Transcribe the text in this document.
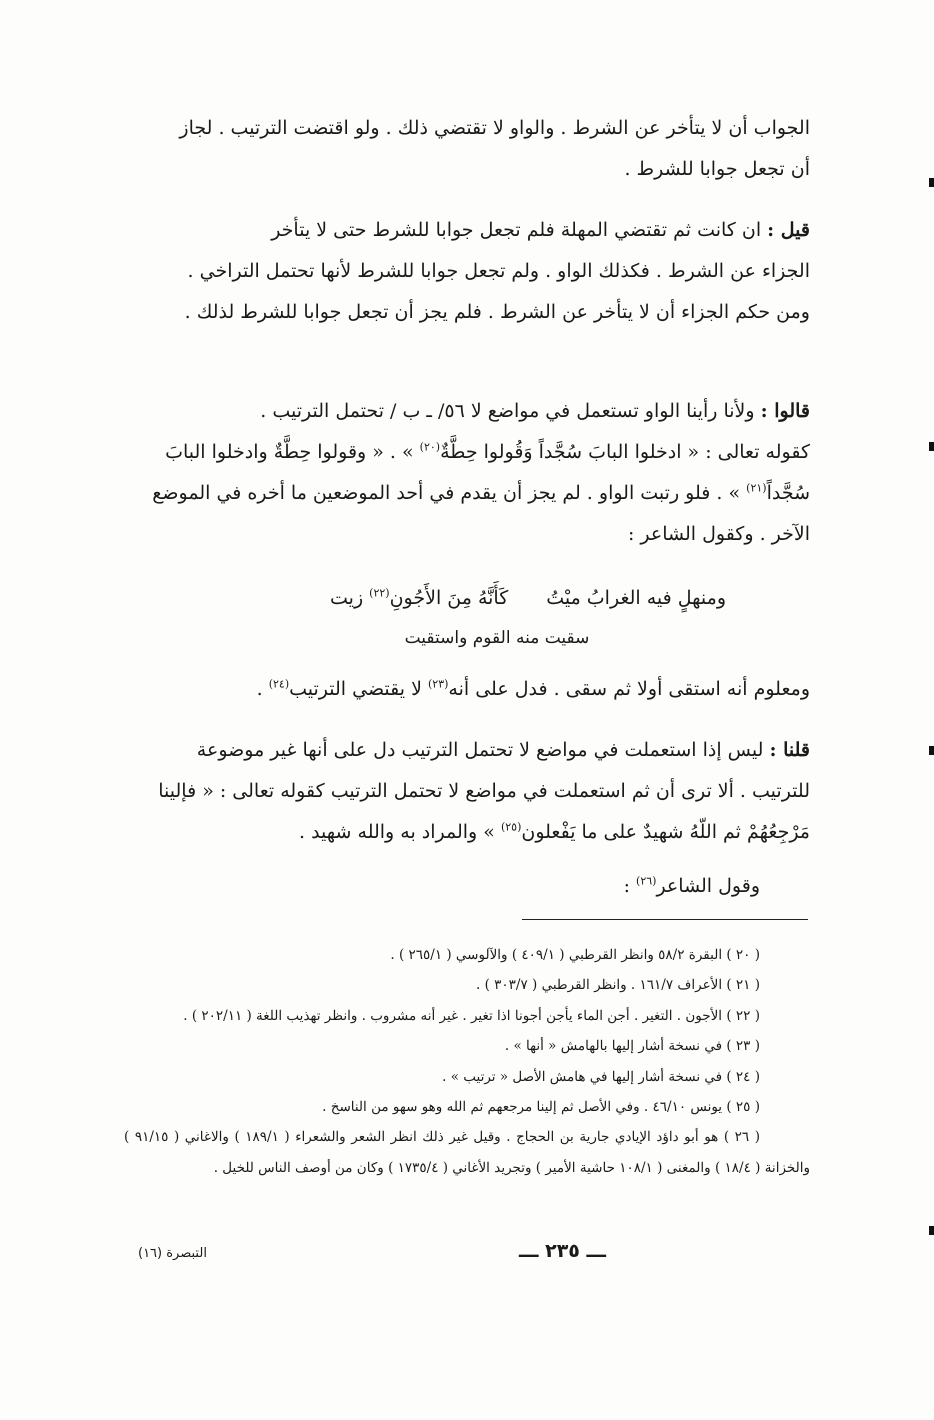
الجواب أن لا يتأخر عن الشرط . والواو لا تقتضي ذلك . ولو اقتضت الترتيب . لجاز

أن تجعل جوابا للشرط .

قيل : ان كانت ثم تقتضي المهلة فلم تجعل جوابا للشرط حتى لا يتأخر

الجزاء عن الشرط . فكذلك الواو . ولم تجعل جوابا للشرط لأنها تحتمل التراخي .

ومن حكم الجزاء أن لا يتأخر عن الشرط . فلم يجز أن تجعل جوابا للشرط لذلك .

قالوا : ولأنا رأينا الواو تستعمل في مواضع لا ٥٦/ ـ ب / تحتمل الترتيب .

كقوله تعالى : « ادخلوا البابَ سُجَّداً وَقُولوا حِطَّةٌ$^{(٢٠)}$ » . « وقولوا حِطَّةٌ وادخلوا البابَ

سُجَّداً$^{(٢١)}$ » . فلو رتبت الواو . لم يجز أن يقدم في أحد الموضعين ما أخره في الموضع

الآخر . وكقول الشاعر :

ومنهلٍ فيه الغرابُ ميْتُ
كَأَنَّهُ مِنَ الأَجُونِ$^{(٢٢)}$ زيت
سقيت منه القوم واستقيت

ومعلوم أنه استقى أولا ثم سقى . فدل على أنه$^{(٢٣)}$ لا يقتضي الترتيب$^{(٢٤)}$ .

قلنا : ليس إذا استعملت في مواضع لا تحتمل الترتيب دل على أنها غير موضوعة

للترتيب . ألا ترى أن ثم استعملت في مواضع لا تحتمل الترتيب كقوله تعالى : « فإلينا

مَرْجِعُهُمْ ثم اللّهُ شهيدٌ على ما يَفْعلون$^{(٢٥)}$ » والمراد به والله شهيد .

وقول الشاعر$^{(٢٦)}$ :

( ٢٠ ) البقرة ٥٨/٢ وانظر القرطبي ( ٤٠٩/١ ) والآلوسي ( ٢٦٥/١ ) .

( ٢١ ) الأعراف ١٦١/٧ . وانظر القرطبي ( ٣٠٣/٧ ) .

( ٢٢ ) الأجون . التغير . أجن الماء يأجن أجونا اذا تغير . غير أنه مشروب . وانظر تهذيب اللغة ( ٢٠٢/١١ ) .

( ٢٣ ) في نسخة أشار إليها بالهامش « أنها » .

( ٢٤ ) في نسخة أشار إليها في هامش الأصل « ترتيب » .

( ٢٥ ) يونس ٤٦/١٠ . وفي الأصل ثم إلينا مرجعهم ثم الله وهو سهو من الناسخ .

( ٢٦ ) هو أبو داؤد الإيادي جارية بن الحجاج . وقيل غير ذلك انظر الشعر والشعراء ( ١٨٩/١ ) والاغاني ( ٩١/١٥ ) والخزانة ( ١٨/٤ ) والمغنى ( ١٠٨/١ حاشية الأمير ) وتجريد الأغاني ( ١٧٣٥/٤ ) وكان من أوصف الناس للخيل .

ـــ ٢٣٥ ـــ
التبصرة (١٦)
